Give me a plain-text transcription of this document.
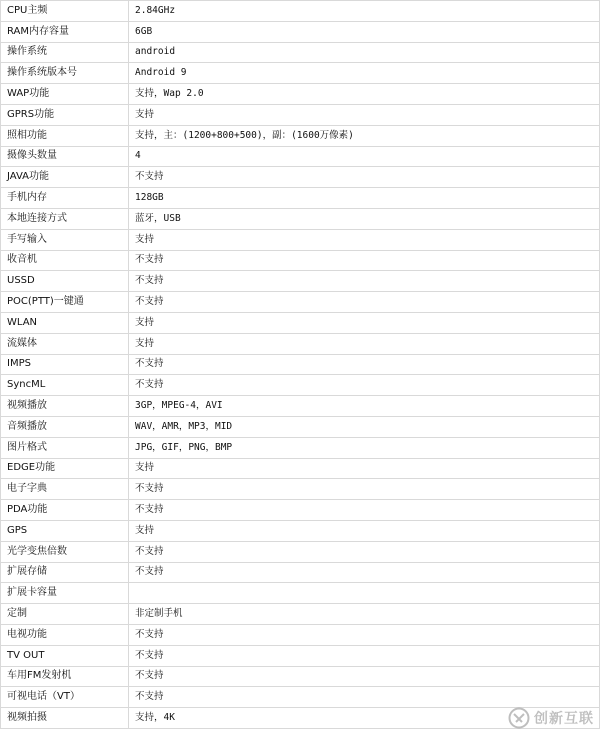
CPU主频	2.84GHz
RAM内存容量	6GB
操作系统	android
操作系统版本号	Android 9
WAP功能	支持，Wap 2.0
GPRS功能	支持
照相功能	支持，主：(1200+800+500)，副：(1600万像素)
摄像头数量	4
JAVA功能	不支持
手机内存	128GB
本地连接方式	蓝牙，USB
手写输入	支持
收音机	不支持
USSD	不支持
POC(PTT)一键通	不支持
WLAN	支持
流媒体	支持
IMPS	不支持
SyncML	不支持
视频播放	3GP，MPEG-4，AVI
音频播放	WAV，AMR，MP3，MID
图片格式	JPG，GIF，PNG，BMP
EDGE功能	支持
电子字典	不支持
PDA功能	不支持
GPS	支持
光学变焦倍数	不支持
扩展存储	不支持
扩展卡容量	
定制	非定制手机
电视功能	不支持
TV OUT	不支持
车用FM发射机	不支持
可视电话（VT）	不支持
视频拍摄	支持，4K	创新互联
